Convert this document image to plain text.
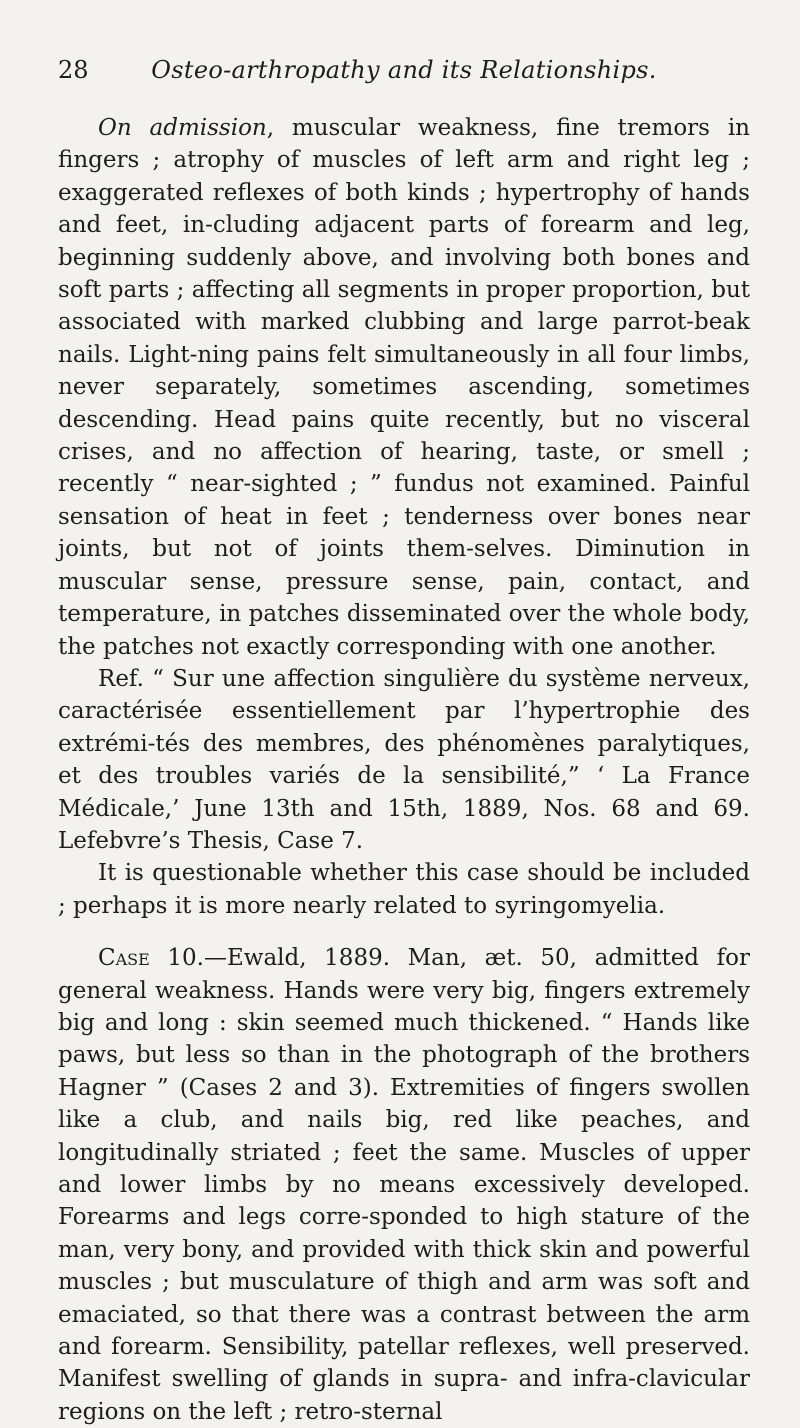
28	Osteo-arthropathy and its Relationships.

On admission, muscular weakness, fine tremors in fingers ; atrophy of muscles of left arm and right leg ; exaggerated reflexes of both kinds ; hypertrophy of hands and feet, in-cluding adjacent parts of forearm and leg, beginning suddenly above, and involving both bones and soft parts ; affecting all segments in proper proportion, but associated with marked clubbing and large parrot-beak nails. Light-ning pains felt simultaneously in all four limbs, never separately, sometimes ascending, sometimes descending. Head pains quite recently, but no visceral crises, and no affection of hearing, taste, or smell ; recently “ near-sighted ; ” fundus not examined. Painful sensation of heat in feet ; tenderness over bones near joints, but not of joints them-selves. Diminution in muscular sense, pressure sense, pain, contact, and temperature, in patches disseminated over the whole body, the patches not exactly corresponding with one another.

Ref. “ Sur une affection singulière du système nerveux, caractérisée essentiellement par l’hypertrophie des extrémi-tés des membres, des phénomènes paralytiques, et des troubles variés de la sensibilité,” ‘ La France Médicale,’ June 13th and 15th, 1889, Nos. 68 and 69. Lefebvre’s Thesis, Case 7.

It is questionable whether this case should be included ; perhaps it is more nearly related to syringomyelia.

Case 10.—Ewald, 1889. Man, æt. 50, admitted for general weakness. Hands were very big, fingers extremely big and long : skin seemed much thickened. “ Hands like paws, but less so than in the photograph of the brothers Hagner ” (Cases 2 and 3). Extremities of fingers swollen like a club, and nails big, red like peaches, and longitudinally striated ; feet the same. Muscles of upper and lower limbs by no means excessively developed. Forearms and legs corre-sponded to high stature of the man, very bony, and provided with thick skin and powerful muscles ; but musculature of thigh and arm was soft and emaciated, so that there was a contrast between the arm and forearm. Sensibility, patellar reflexes, well preserved. Manifest swelling of glands in supra- and infra-clavicular regions on the left ; retro-sternal
